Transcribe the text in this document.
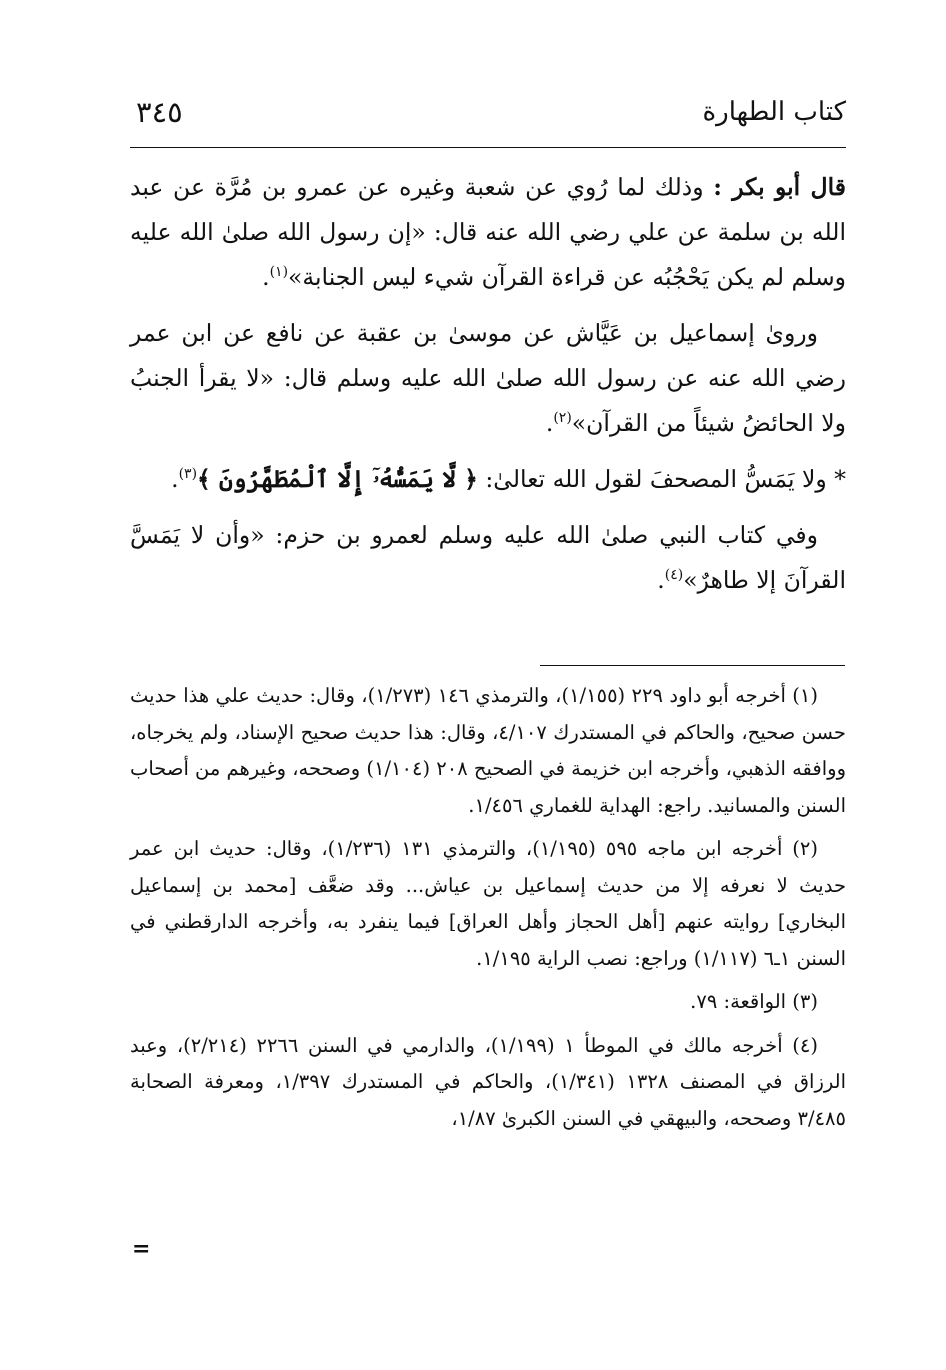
كتاب الطهارة
٣٤٥

قال أبو بكر : وذلك لما رُوي عن شعبة وغيره عن عمرو بن مُرَّة عن عبد الله بن سلمة عن علي رضي الله عنه قال: «إن رسول الله صلىٰ الله عليه وسلم لم يكن يَحْجُبُه عن قراءة القرآن شيء ليس الجنابة»$^{(١)}$.

وروىٰ إسماعيل بن عَيَّاش عن موسىٰ بن عقبة عن نافع عن ابن عمر رضي الله عنه عن رسول الله صلىٰ الله عليه وسلم قال: «لا يقرأ الجنبُ ولا الحائضُ شيئاً من القرآن»$^{(٢)}$.

* ولا يَمَسُّ المصحفَ لقول الله تعالىٰ: ﴿ لَّا يَمَسُّهُۥٓ إِلَّا ٱلْمُطَهَّرُونَ ﴾$^{(٣)}$.

وفي كتاب النبي صلىٰ الله عليه وسلم لعمرو بن حزم: «وأن لا يَمَسَّ القرآنَ إلا طاهرٌ»$^{(٤)}$.

(١) أخرجه أبو داود ٢٢٩ (١/١٥٥)، والترمذي ١٤٦ (١/٢٧٣)، وقال: حديث علي هذا حديث حسن صحيح، والحاكم في المستدرك ٤/١٠٧، وقال: هذا حديث صحيح الإسناد، ولم يخرجاه، ووافقه الذهبي، وأخرجه ابن خزيمة في الصحيح ٢٠٨ (١/١٠٤) وصححه، وغيرهم من أصحاب السنن والمسانيد. راجع: الهداية للغماري ١/٤٥٦.

(٢) أخرجه ابن ماجه ٥٩٥ (١/١٩٥)، والترمذي ١٣١ (١/٢٣٦)، وقال: حديث ابن عمر حديث لا نعرفه إلا من حديث إسماعيل بن عياش... وقد ضعَّف [محمد بن إسماعيل البخاري] روايته عنهم [أهل الحجاز وأهل العراق] فيما ينفرد به، وأخرجه الدارقطني في السنن ١ـ٦ (١/١١٧) وراجع: نصب الراية ١/١٩٥.

(٣) الواقعة: ٧٩.

(٤) أخرجه مالك في الموطأ ١ (١/١٩٩)، والدارمي في السنن ٢٢٦٦ (٢/٢١٤)، وعبد الرزاق في المصنف ١٣٢٨ (١/٣٤١)، والحاكم في المستدرك ١/٣٩٧، ومعرفة الصحابة ٣/٤٨٥ وصححه، والبيهقي في السنن الكبرىٰ ١/٨٧،

=
